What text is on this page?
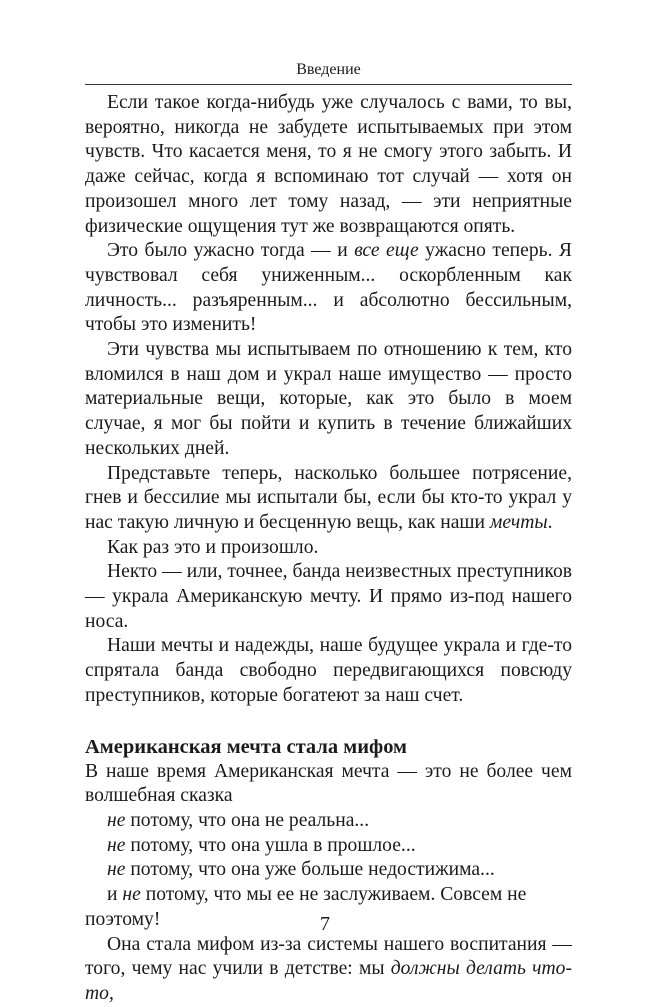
Введение

Если такое когда-нибудь уже случалось с вами, то вы, вероятно, никогда не забудете испытываемых при этом чувств. Что касается меня, то я не смогу этого забыть. И даже сейчас, когда я вспоминаю тот случай — хотя он произошел много лет тому назад, — эти неприятные физические ощущения тут же возвращаются опять.

Это было ужасно тогда — и все еще ужасно теперь. Я чувствовал себя униженным... оскорбленным как личность... разъяренным... и абсолютно бессильным, чтобы это изменить!

Эти чувства мы испытываем по отношению к тем, кто вломился в наш дом и украл наше имущество — просто материальные вещи, которые, как это было в моем случае, я мог бы пойти и купить в течение ближайших нескольких дней.

Представьте теперь, насколько большее потрясение, гнев и бессилие мы испытали бы, если бы кто-то украл у нас такую личную и бесценную вещь, как наши мечты.

Как раз это и произошло.

Некто — или, точнее, банда неизвестных преступников — украла Американскую мечту. И прямо из-под нашего носа.

Наши мечты и надежды, наше будущее украла и где-то спрятала банда свободно передвигающихся повсюду преступников, которые богатеют за наш счет.

Американская мечта стала мифом

В наше время Американская мечта — это не более чем волшебная сказка

не потому, что она не реальна...

не потому, что она ушла в прошлое...

не потому, что она уже больше недостижима...

и не потому, что мы ее не заслуживаем. Совсем не поэтому!

Она стала мифом из-за системы нашего воспитания — того, чему нас учили в детстве: мы должны делать что-то,

7
